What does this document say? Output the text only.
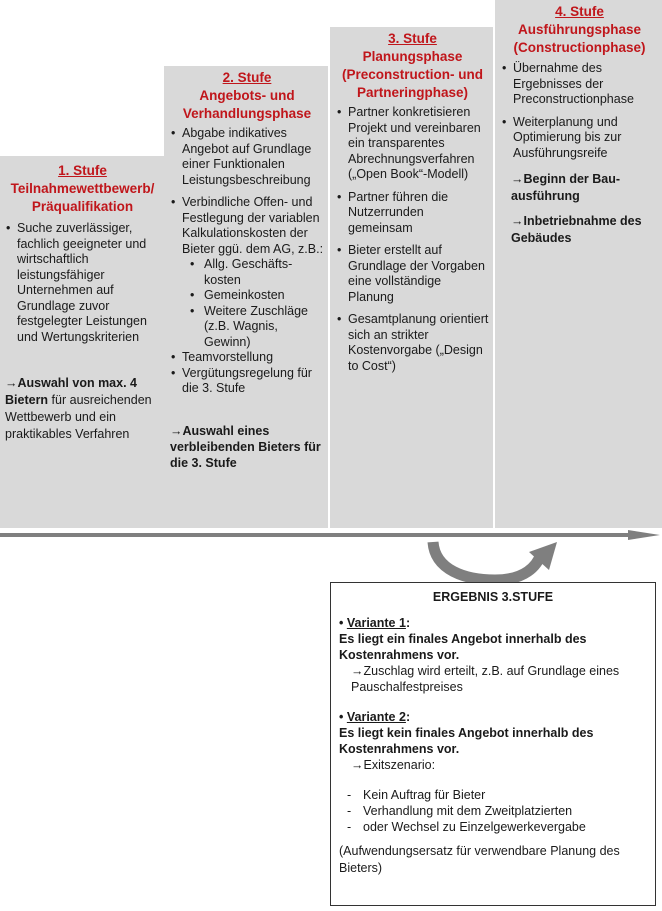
1. Stufe
Teilnahmewettbewerb/
Präqualifikation
• Suche zuverlässiger, fachlich geeigneter und wirtschaftlich leistungsfähiger Unternehmen auf Grundlage zuvor festgelegter Leistungen und Wertungskriterien
→Auswahl von max. 4 Bietern für ausreichenden Wettbewerb und ein praktikables Verfahren
2. Stufe
Angebots- und
Verhandlungsphase
• Abgabe indikatives Angebot auf Grundlage einer Funktionalen Leistungsbeschreibung
• Verbindliche Offen- und Festlegung der variablen Kalkulationskosten der Bieter ggü. dem AG, z.B.:
• Allg. Geschäfts-kosten
• Gemeinkosten
• Weitere Zuschläge (z.B. Wagnis, Gewinn)
• Teamvorstellung
• Vergütungsregelung für die 3. Stufe
→Auswahl eines verbleibenden Bieters für die 3. Stufe
3. Stufe
Planungsphase
(Preconstruction- und
Partneringphase)
• Partner konkretisieren Projekt und vereinbaren ein transparentes Abrechnungsverfahren („Open Book“-Modell)
• Partner führen die Nutzerrunden gemeinsam
• Bieter erstellt auf Grundlage der Vorgaben eine vollständige Planung
• Gesamtplanung orientiert sich an strikter Kostenvorgabe („Design to Cost“)
4. Stufe
Ausführungsphase
(Constructionphase)
• Übernahme des Ergebnisses der Preconstructionphase
• Weiterplanung und Optimierung bis zur Ausführungsreife
→Beginn der Bau-ausführung
→Inbetriebnahme des Gebäudes
ERGEBNIS 3.STUFE
• Variante 1:
Es liegt ein finales Angebot innerhalb des Kostenrahmens vor.
→Zuschlag wird erteilt, z.B. auf Grundlage eines Pauschalfestpreises
• Variante 2:
Es liegt kein finales Angebot innerhalb des Kostenrahmens vor.
→Exitszenario:
- Kein Auftrag für Bieter
- Verhandlung mit dem Zweitplatzierten
- oder Wechsel zu Einzelgewerkevergabe
(Aufwendungsersatz für verwendbare Planung des Bieters)
